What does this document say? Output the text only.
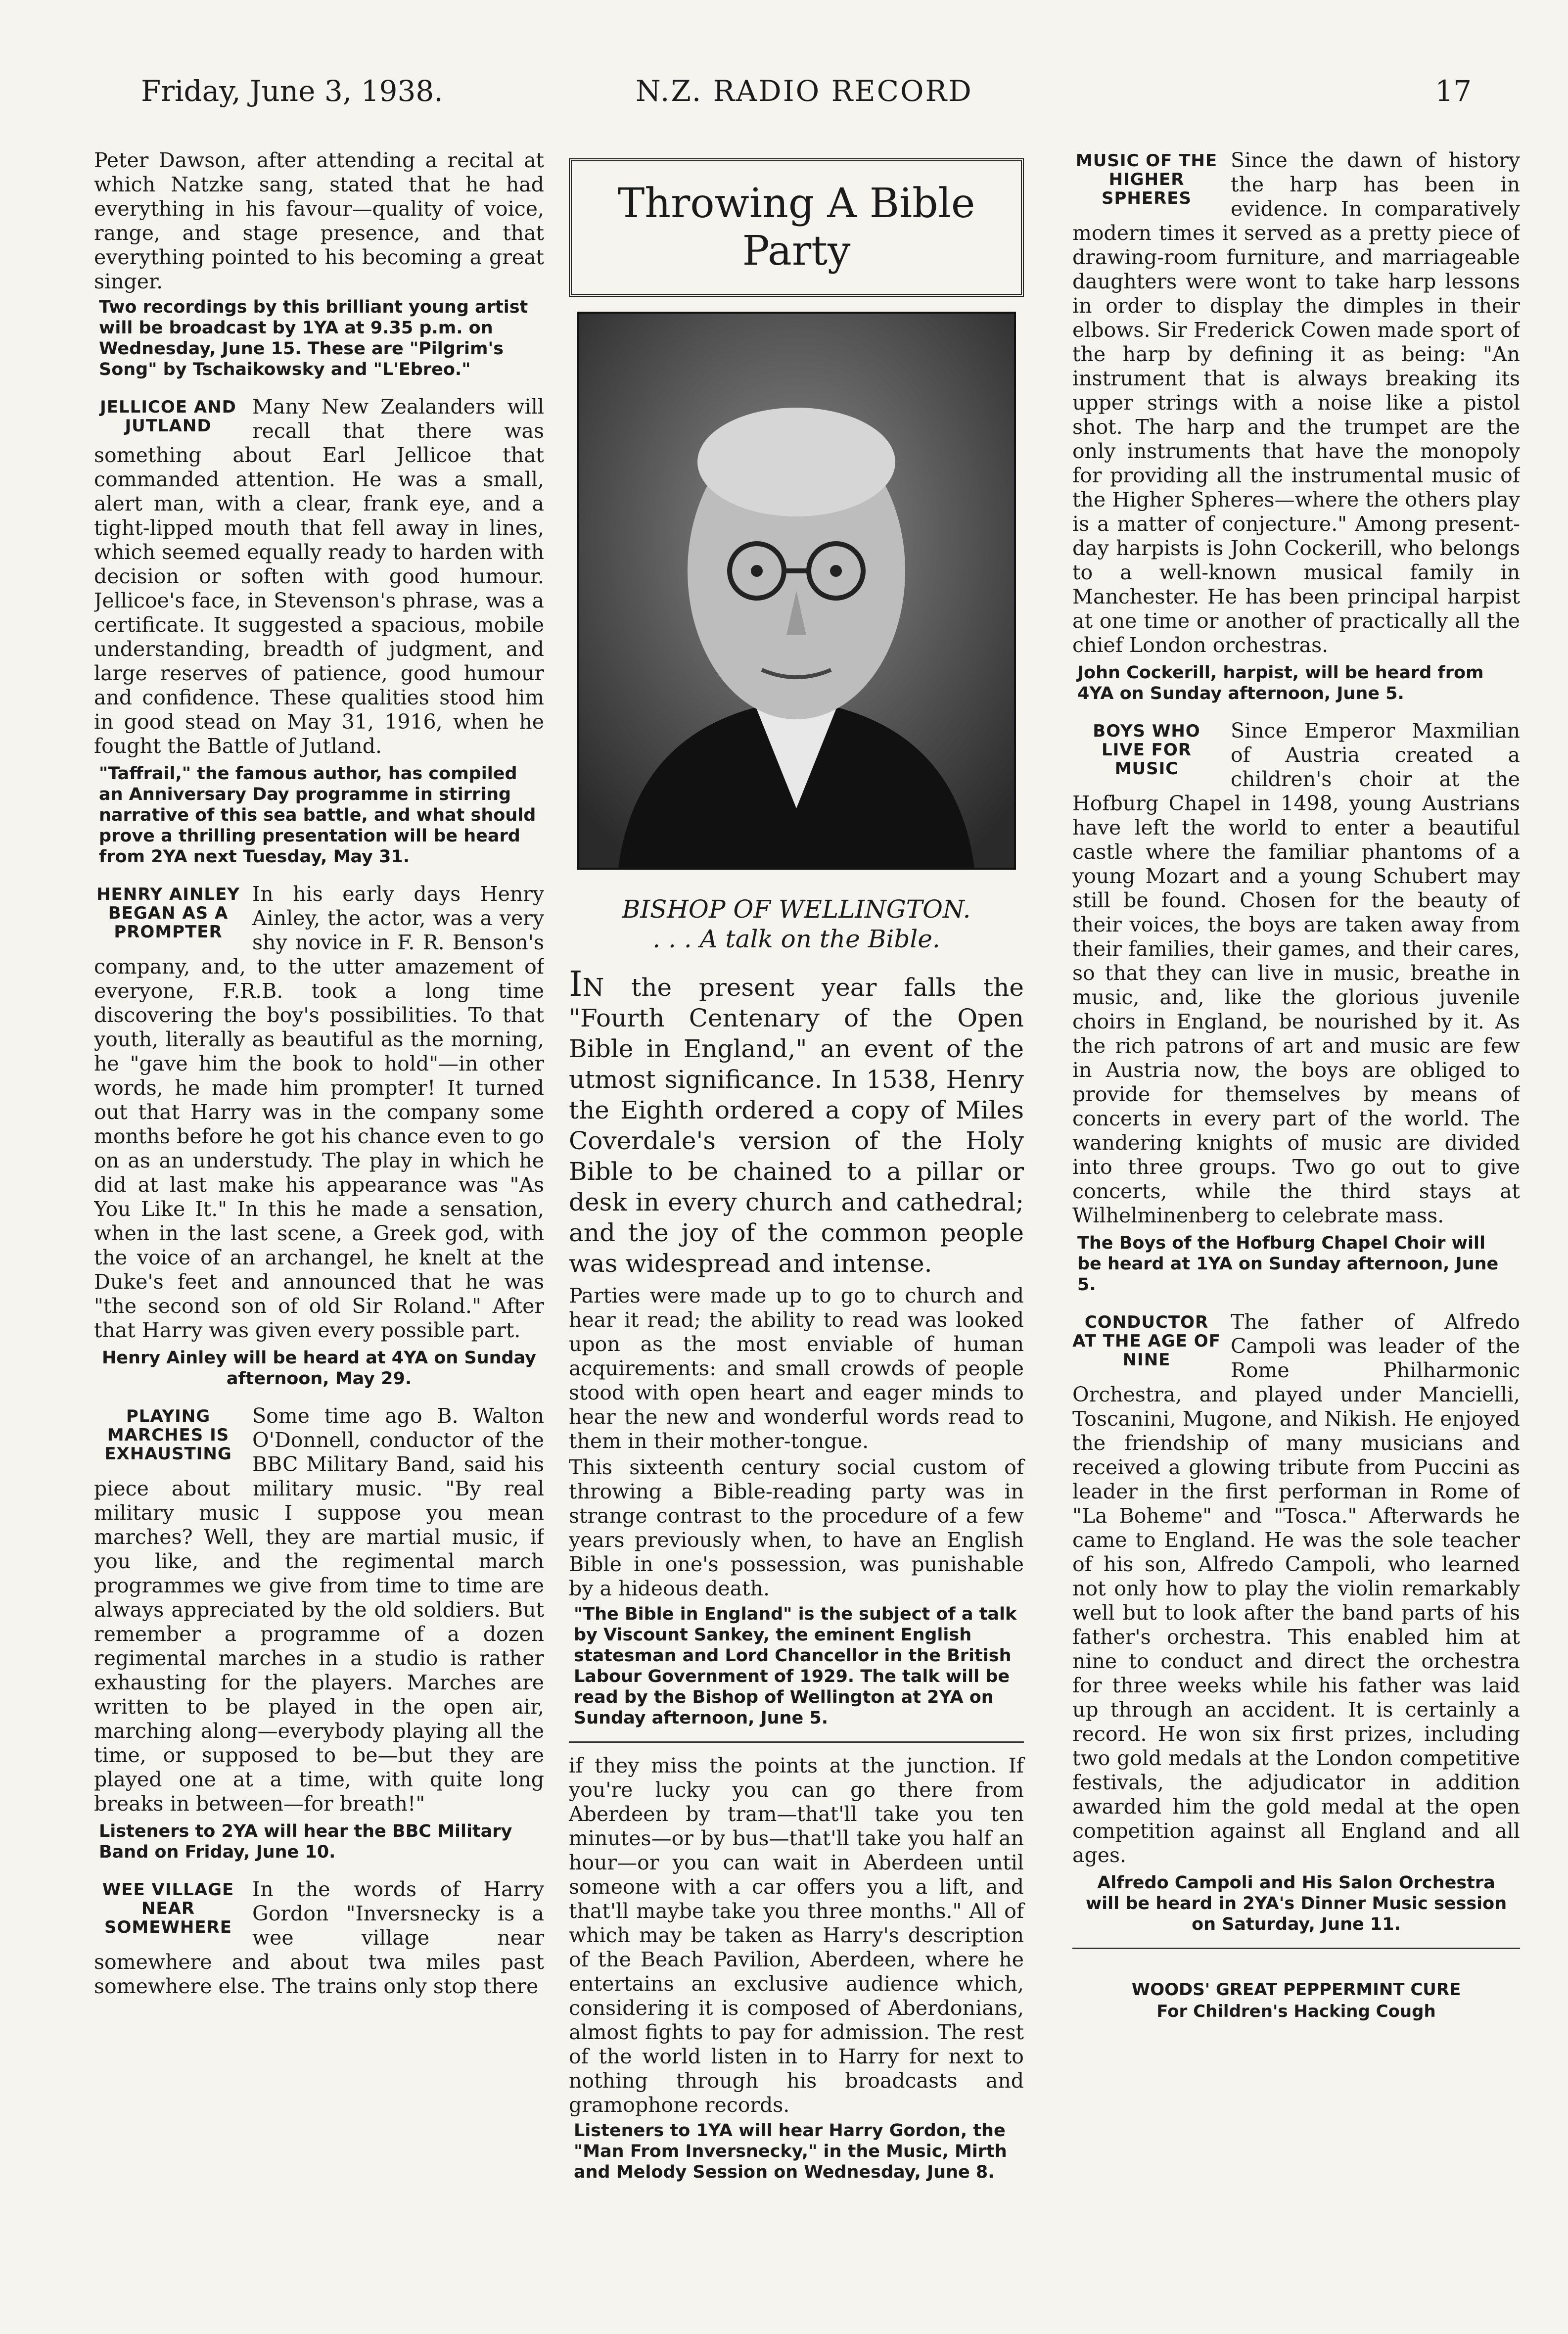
Friday, June 3, 1938.	N.Z. RADIO RECORD	17

Peter Dawson, after attending a recital at which Natzke sang, stated that he had everything in his favour—quality of voice, range, and stage presence, and that everything pointed to his becoming a great singer.

Two recordings by this brilliant young artist will be broadcast by 1YA at 9.35 p.m. on Wednesday, June 15. These are "Pilgrim's Song" by Tschaikowsky and "L'Ebreo."
JELLICOE AND JUTLAND

Many New Zealanders will recall that there was something about Earl Jellicoe that commanded attention. He was a small, alert man, with a clear, frank eye, and a tight-lipped mouth that fell away in lines, which seemed equally ready to harden with decision or soften with good humour. Jellicoe's face, in Stevenson's phrase, was a certificate. It suggested a spacious, mobile understanding, breadth of judgment, and large reserves of patience, good humour and confidence. These qualities stood him in good stead on May 31, 1916, when he fought the Battle of Jutland.

"Taffrail," the famous author, has compiled an Anniversary Day programme in stirring narrative of this sea battle, and what should prove a thrilling presentation will be heard from 2YA next Tuesday, May 31.
HENRY AINLEY BEGAN AS A PROMPTER

In his early days Henry Ainley, the actor, was a very shy novice in F. R. Benson's company, and, to the utter amazement of everyone, F.R.B. took a long time discovering the boy's possibilities. To that youth, literally as beautiful as the morning, he "gave him the book to hold"—in other words, he made him prompter! It turned out that Harry was in the company some months before he got his chance even to go on as an understudy. The play in which he did at last make his appearance was "As You Like It." In this he made a sensation, when in the last scene, a Greek god, with the voice of an archangel, he knelt at the Duke's feet and announced that he was "the second son of old Sir Roland." After that Harry was given every possible part.

Henry Ainley will be heard at 4YA on Sunday afternoon, May 29.
PLAYING MARCHES IS EXHAUSTING

Some time ago B. Walton O'Donnell, conductor of the BBC Military Band, said his piece about military music. "By real military music I suppose you mean marches? Well, they are martial music, if you like, and the regimental march programmes we give from time to time are always appreciated by the old soldiers. But remember a programme of a dozen regimental marches in a studio is rather exhausting for the players. Marches are written to be played in the open air, marching along—everybody playing all the time, or supposed to be—but they are played one at a time, with quite long breaks in between—for breath!"

Listeners to 2YA will hear the BBC Military Band on Friday, June 10.
WEE VILLAGE NEAR SOMEWHERE

In the words of Harry Gordon "Inversnecky is a wee village near somewhere and about twa miles past somewhere else. The trains only stop there

Throwing A Bible Party
BISHOP OF WELLINGTON.
. . . A talk on the Bible.

IN the present year falls the "Fourth Centenary of the Open Bible in England," an event of the utmost significance. In 1538, Henry the Eighth ordered a copy of Miles Coverdale's version of the Holy Bible to be chained to a pillar or desk in every church and cathedral; and the joy of the common people was widespread and intense.

Parties were made up to go to church and hear it read; the ability to read was looked upon as the most enviable of human acquirements: and small crowds of people stood with open heart and eager minds to hear the new and wonderful words read to them in their mother-tongue.

This sixteenth century social custom of throwing a Bible-reading party was in strange contrast to the procedure of a few years previously when, to have an English Bible in one's possession, was punishable by a hideous death.

"The Bible in England" is the subject of a talk by Viscount Sankey, the eminent English statesman and Lord Chancellor in the British Labour Government of 1929. The talk will be read by the Bishop of Wellington at 2YA on Sunday afternoon, June 5.

if they miss the points at the junction. If you're lucky you can go there from Aberdeen by tram—that'll take you ten minutes—or by bus—that'll take you half an hour—or you can wait in Aberdeen until someone with a car offers you a lift, and that'll maybe take you three months." All of which may be taken as Harry's description of the Beach Pavilion, Aberdeen, where he entertains an exclusive audience which, considering it is composed of Aberdonians, almost fights to pay for admission. The rest of the world listen in to Harry for next to nothing through his broadcasts and gramophone records.

Listeners to 1YA will hear Harry Gordon, the "Man From Inversnecky," in the Music, Mirth and Melody Session on Wednesday, June 8.
MUSIC OF THE HIGHER SPHERES

Since the dawn of history the harp has been in evidence. In comparatively modern times it served as a pretty piece of drawing-room furniture, and marriageable daughters were wont to take harp lessons in order to display the dimples in their elbows. Sir Frederick Cowen made sport of the harp by defining it as being: "An instrument that is always breaking its upper strings with a noise like a pistol shot. The harp and the trumpet are the only instruments that have the monopoly for providing all the instrumental music of the Higher Spheres—where the others play is a matter of conjecture." Among present-day harpists is John Cockerill, who belongs to a well-known musical family in Manchester. He has been principal harpist at one time or another of practically all the chief London orchestras.

John Cockerill, harpist, will be heard from 4YA on Sunday afternoon, June 5.
BOYS WHO LIVE FOR MUSIC

Since Emperor Maxmilian of Austria created a children's choir at the Hofburg Chapel in 1498, young Austrians have left the world to enter a beautiful castle where the familiar phantoms of a young Mozart and a young Schubert may still be found. Chosen for the beauty of their voices, the boys are taken away from their families, their games, and their cares, so that they can live in music, breathe in music, and, like the glorious juvenile choirs in England, be nourished by it. As the rich patrons of art and music are few in Austria now, the boys are obliged to provide for themselves by means of concerts in every part of the world. The wandering knights of music are divided into three groups. Two go out to give concerts, while the third stays at Wilhelminenberg to celebrate mass.

The Boys of the Hofburg Chapel Choir will be heard at 1YA on Sunday afternoon, June 5.
CONDUCTOR AT THE AGE OF NINE

The father of Alfredo Campoli was leader of the Rome Philharmonic Orchestra, and played under Mancielli, Toscanini, Mugone, and Nikish. He enjoyed the friendship of many musicians and received a glowing tribute from Puccini as leader in the first performan in Rome of "La Boheme" and "Tosca." Afterwards he came to England. He was the sole teacher of his son, Alfredo Campoli, who learned not only how to play the violin remarkably well but to look after the band parts of his father's orchestra. This enabled him at nine to conduct and direct the orchestra for three weeks while his father was laid up through an accident. It is certainly a record. He won six first prizes, including two gold medals at the London competitive festivals, the adjudicator in addition awarded him the gold medal at the open competition against all England and all ages.

Alfredo Campoli and His Salon Orchestra will be heard in 2YA's Dinner Music session on Saturday, June 11.
WOODS' GREAT PEPPERMINT CURE
For Children's Hacking Cough
